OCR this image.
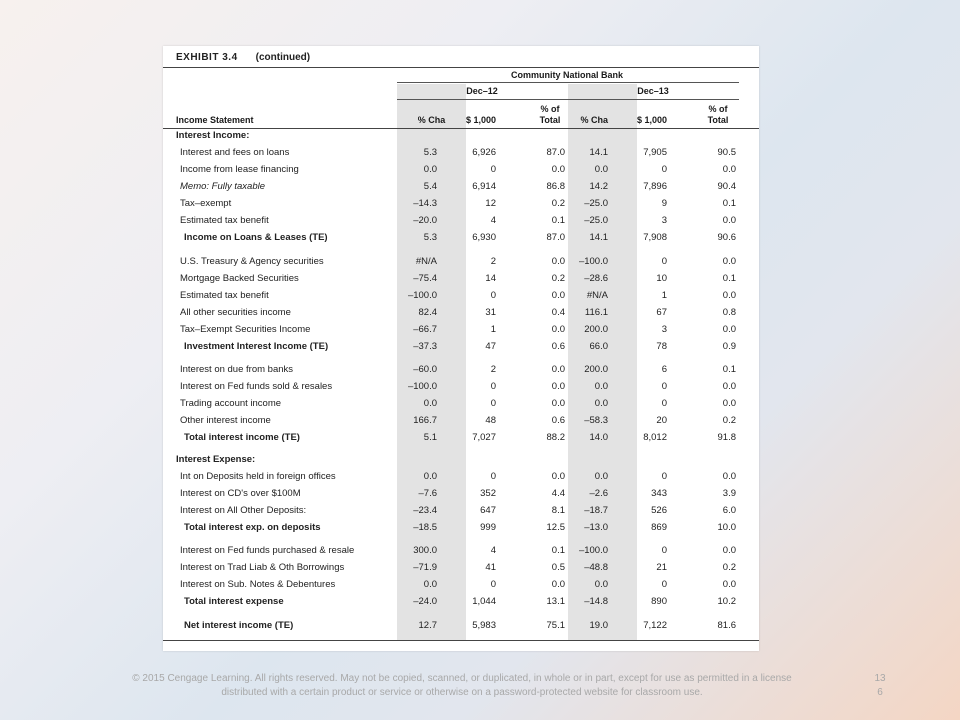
EXHIBIT 3.4 (continued)
Community National Bank
Dec–12	Dec–13
Income Statement	% Cha	$ 1,000
% of
Total	% Cha	$ 1,000
% of
Total
Interest Income:
Interest and fees on loans	5.3	6,926	87.0	14.1	7,905	90.5
Income from lease financing	0.0	0	0.0	0.0	0	0.0
Memo: Fully taxable	5.4	6,914	86.8	14.2	7,896	90.4
Tax–exempt	–14.3	12	0.2 –25.0	9	0.1
Estimated tax benefit	–20.0	4	0.1 –25.0	3	0.0
Income on Loans & Leases (TE)	5.3	6,930	87.0	14.1	7,908	90.6
U.S. Treasury & Agency securities	#N/A	2	0.0 –100.0	0	0.0
Mortgage Backed Securities	–75.4	14	0.2 –28.6	10	0.1
Estimated tax benefit	–100.0	0	0.0 #N/A	1	0.0
All other securities income	82.4	31	0.4 116.1	67	0.8
Tax–Exempt Securities Income	–66.7	1	0.0 200.0	3	0.0
Investment Interest Income (TE)	–37.3	47	0.6	66.0	78	0.9
Interest on due from banks	–60.0	2	0.0 200.0	6	0.1
Interest on Fed funds sold & resales	–100.0	0	0.0	0.0	0	0.0
Trading account income	0.0	0	0.0	0.0	0	0.0
Other interest income	166.7	48	0.6 –58.3	20	0.2
Total interest income (TE)	5.1	7,027	88.2	14.0	8,012	91.8
Interest Expense:
Int on Deposits held in foreign offices	0.0	0	0.0	0.0	0	0.0
Interest on CD's over $100M	–7.6	352	4.4	–2.6	343	3.9
Interest on All Other Deposits:	–23.4	647	8.1 –18.7	526	6.0
Total interest exp. on deposits	–18.5	999	12.5 –13.0	869	10.0
Interest on Fed funds purchased & resale	300.0	4	0.1 –100.0	0	0.0
Interest on Trad Liab & Oth Borrowings	–71.9	41	0.5 –48.8	21	0.2
Interest on Sub. Notes & Debentures	0.0	0	0.0	0.0	0	0.0
Total interest expense	–24.0	1,044	13.1 –14.8	890	10.2
Net interest income (TE)	12.7	5,983	75.1	19.0	7,122	81.6
© 2015 Cengage Learning. All rights reserved. May not be copied, scanned, or duplicated, in whole or in part, except for use as permitted in a license distributed with a certain product or service or otherwise on a password-protected website for classroom use.
13
6
